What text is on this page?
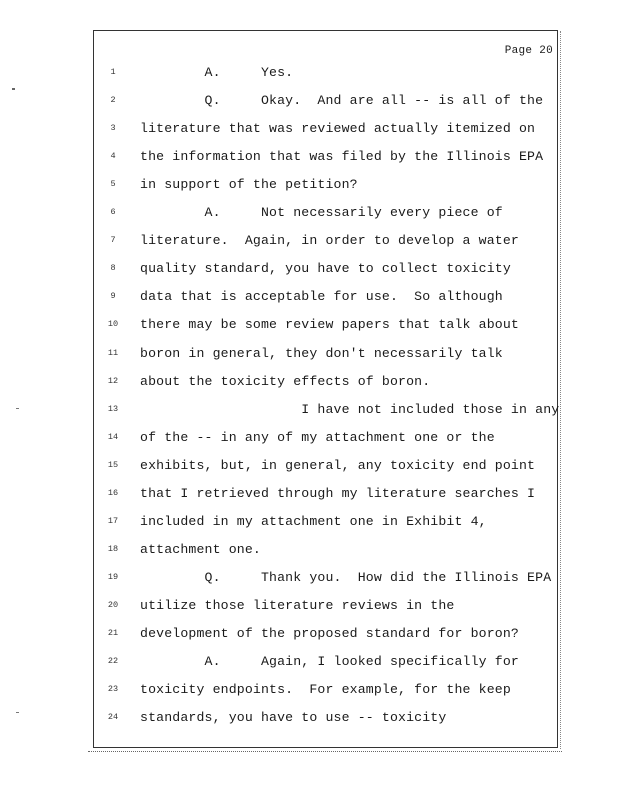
Page 20
1	A.     Yes.
2	Q.     Okay.  And are all -- is all of the
3	literature that was reviewed actually itemized on
4	the information that was filed by the Illinois EPA
5	in support of the petition?
6	A.     Not necessarily every piece of
7	literature.  Again, in order to develop a water
8	quality standard, you have to collect toxicity
9	data that is acceptable for use.  So although
10	there may be some review papers that talk about
11	boron in general, they don't necessarily talk
12	about the toxicity effects of boron.
13	I have not included those in any
14	of the -- in any of my attachment one or the
15	exhibits, but, in general, any toxicity end point
16	that I retrieved through my literature searches I
17	included in my attachment one in Exhibit 4,
18	attachment one.
19	Q.     Thank you.  How did the Illinois EPA
20	utilize those literature reviews in the
21	development of the proposed standard for boron?
22	A.     Again, I looked specifically for
23	toxicity endpoints.  For example, for the keep
24	standards, you have to use -- toxicity
